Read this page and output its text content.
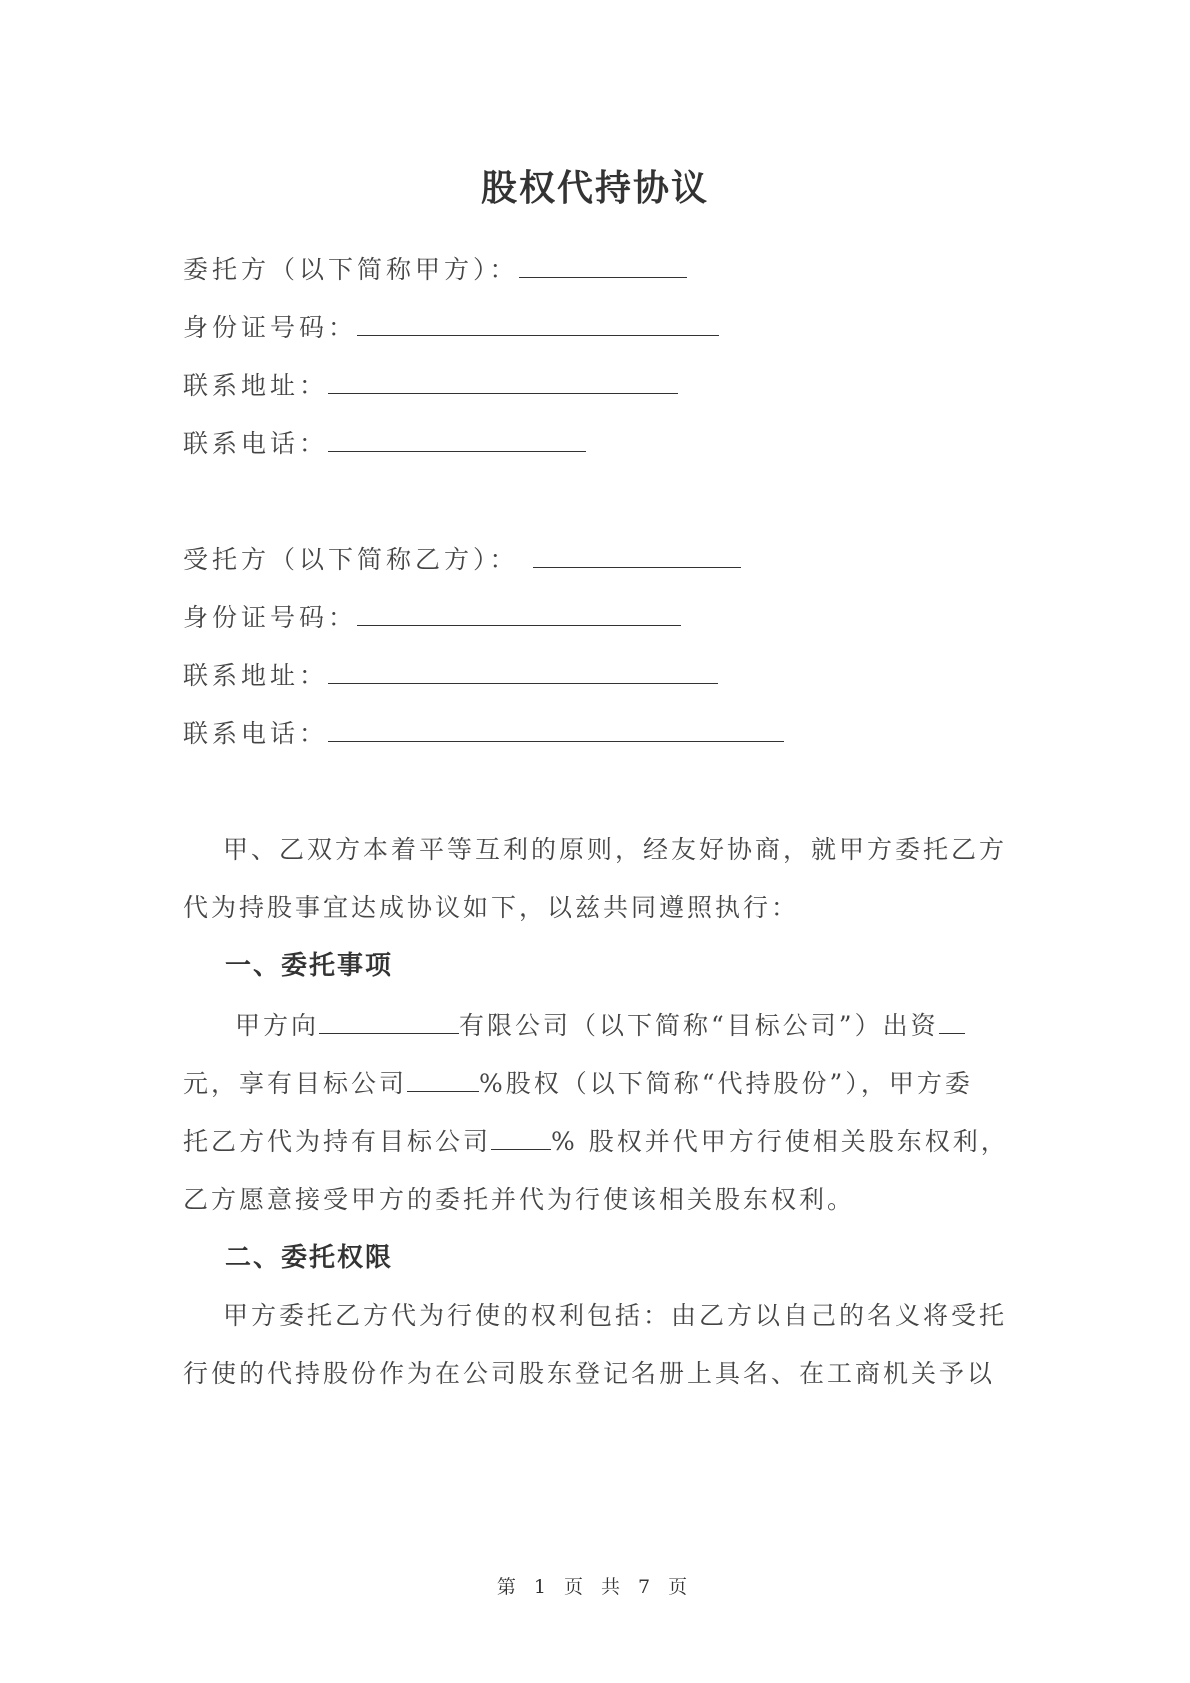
股权代持协议
委托方（以下简称甲方）：
身份证号码：
联系地址：
联系电话：
受托方（以下简称乙方）：
身份证号码：
联系地址：
联系电话：
甲、乙双方本着平等互利的原则，经友好协商，就甲方委托乙方
代为持股事宜达成协议如下，以兹共同遵照执行：
一、委托事项
甲方向	有限公司（以下简称“目标公司”）出资
元，享有目标公司	%股权（以下简称“代持股份”），甲方委
托乙方代为持有目标公司 % 股权并代甲方行使相关股东权利，
乙方愿意接受甲方的委托并代为行使该相关股东权利。
二、委托权限
甲方委托乙方代为行使的权利包括：由乙方以自己的名义将受托
行使的代持股份作为在公司股东登记名册上具名、在工商机关予以
第 1 页 共 7 页
